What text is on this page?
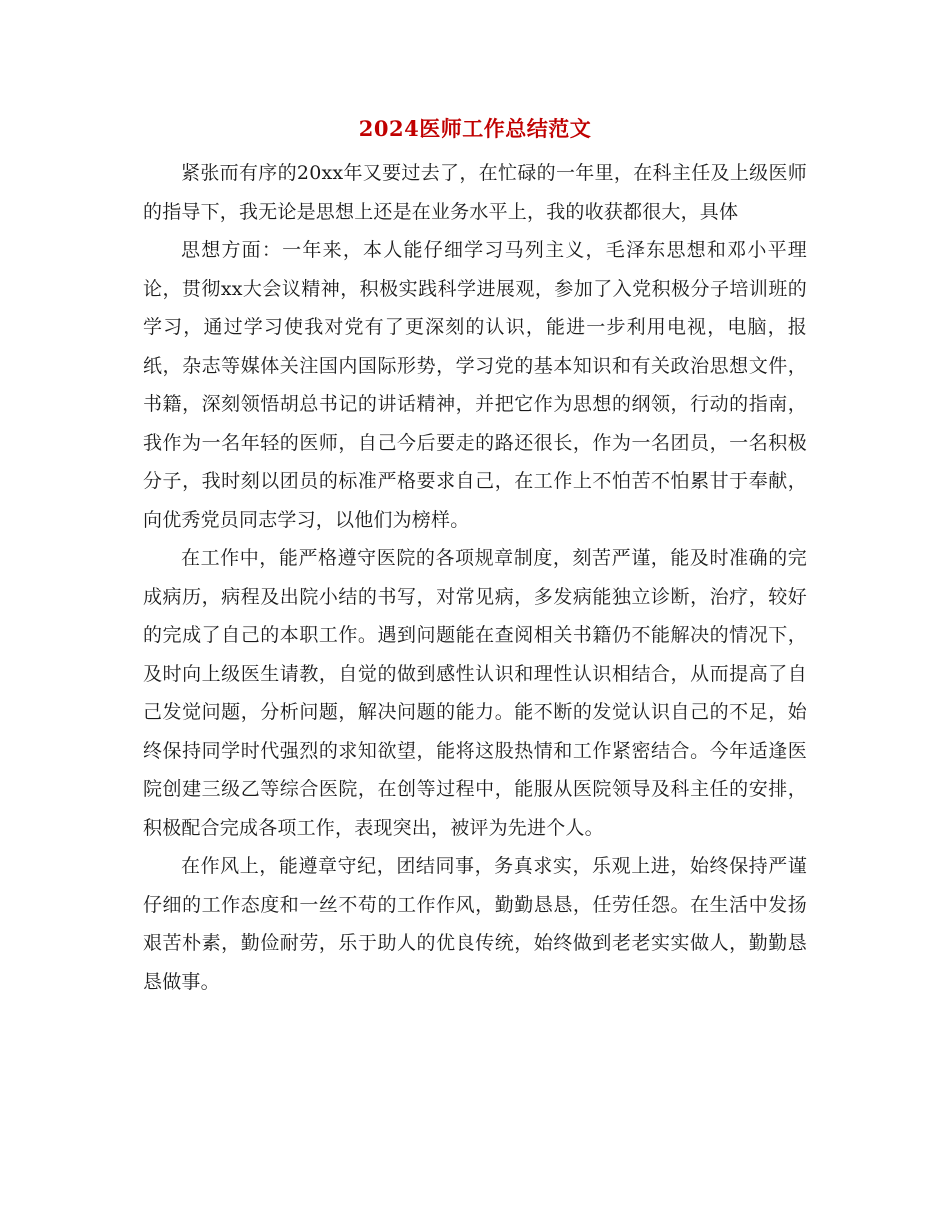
2024医师工作总结范文

紧张而有序的20xx年又要过去了，在忙碌的一年里，在科主任及上级医师的指导下，我无论是思想上还是在业务水平上，我的收获都很大，具体

思想方面：一年来，本人能仔细学习马列主义，毛泽东思想和邓小平理论，贯彻xx大会议精神，积极实践科学进展观，参加了入党积极分子培训班的学习，通过学习使我对党有了更深刻的认识，能进一步利用电视，电脑，报纸，杂志等媒体关注国内国际形势，学习党的基本知识和有关政治思想文件，书籍，深刻领悟胡总书记的讲话精神，并把它作为思想的纲领，行动的指南，我作为一名年轻的医师，自己今后要走的路还很长，作为一名团员，一名积极分子，我时刻以团员的标准严格要求自己，在工作上不怕苦不怕累甘于奉献，向优秀党员同志学习，以他们为榜样。

在工作中，能严格遵守医院的各项规章制度，刻苦严谨，能及时准确的完成病历，病程及出院小结的书写，对常见病，多发病能独立诊断，治疗，较好的完成了自己的本职工作。遇到问题能在查阅相关书籍仍不能解决的情况下，及时向上级医生请教，自觉的做到感性认识和理性认识相结合，从而提高了自己发觉问题，分析问题，解决问题的能力。能不断的发觉认识自己的不足，始终保持同学时代强烈的求知欲望，能将这股热情和工作紧密结合。今年适逢医院创建三级乙等综合医院，在创等过程中，能服从医院领导及科主任的安排，积极配合完成各项工作，表现突出，被评为先进个人。

在作风上，能遵章守纪，团结同事，务真求实，乐观上进，始终保持严谨仔细的工作态度和一丝不苟的工作作风，勤勤恳恳，任劳任怨。在生活中发扬艰苦朴素，勤俭耐劳，乐于助人的优良传统，始终做到老老实实做人，勤勤恳恳做事。
